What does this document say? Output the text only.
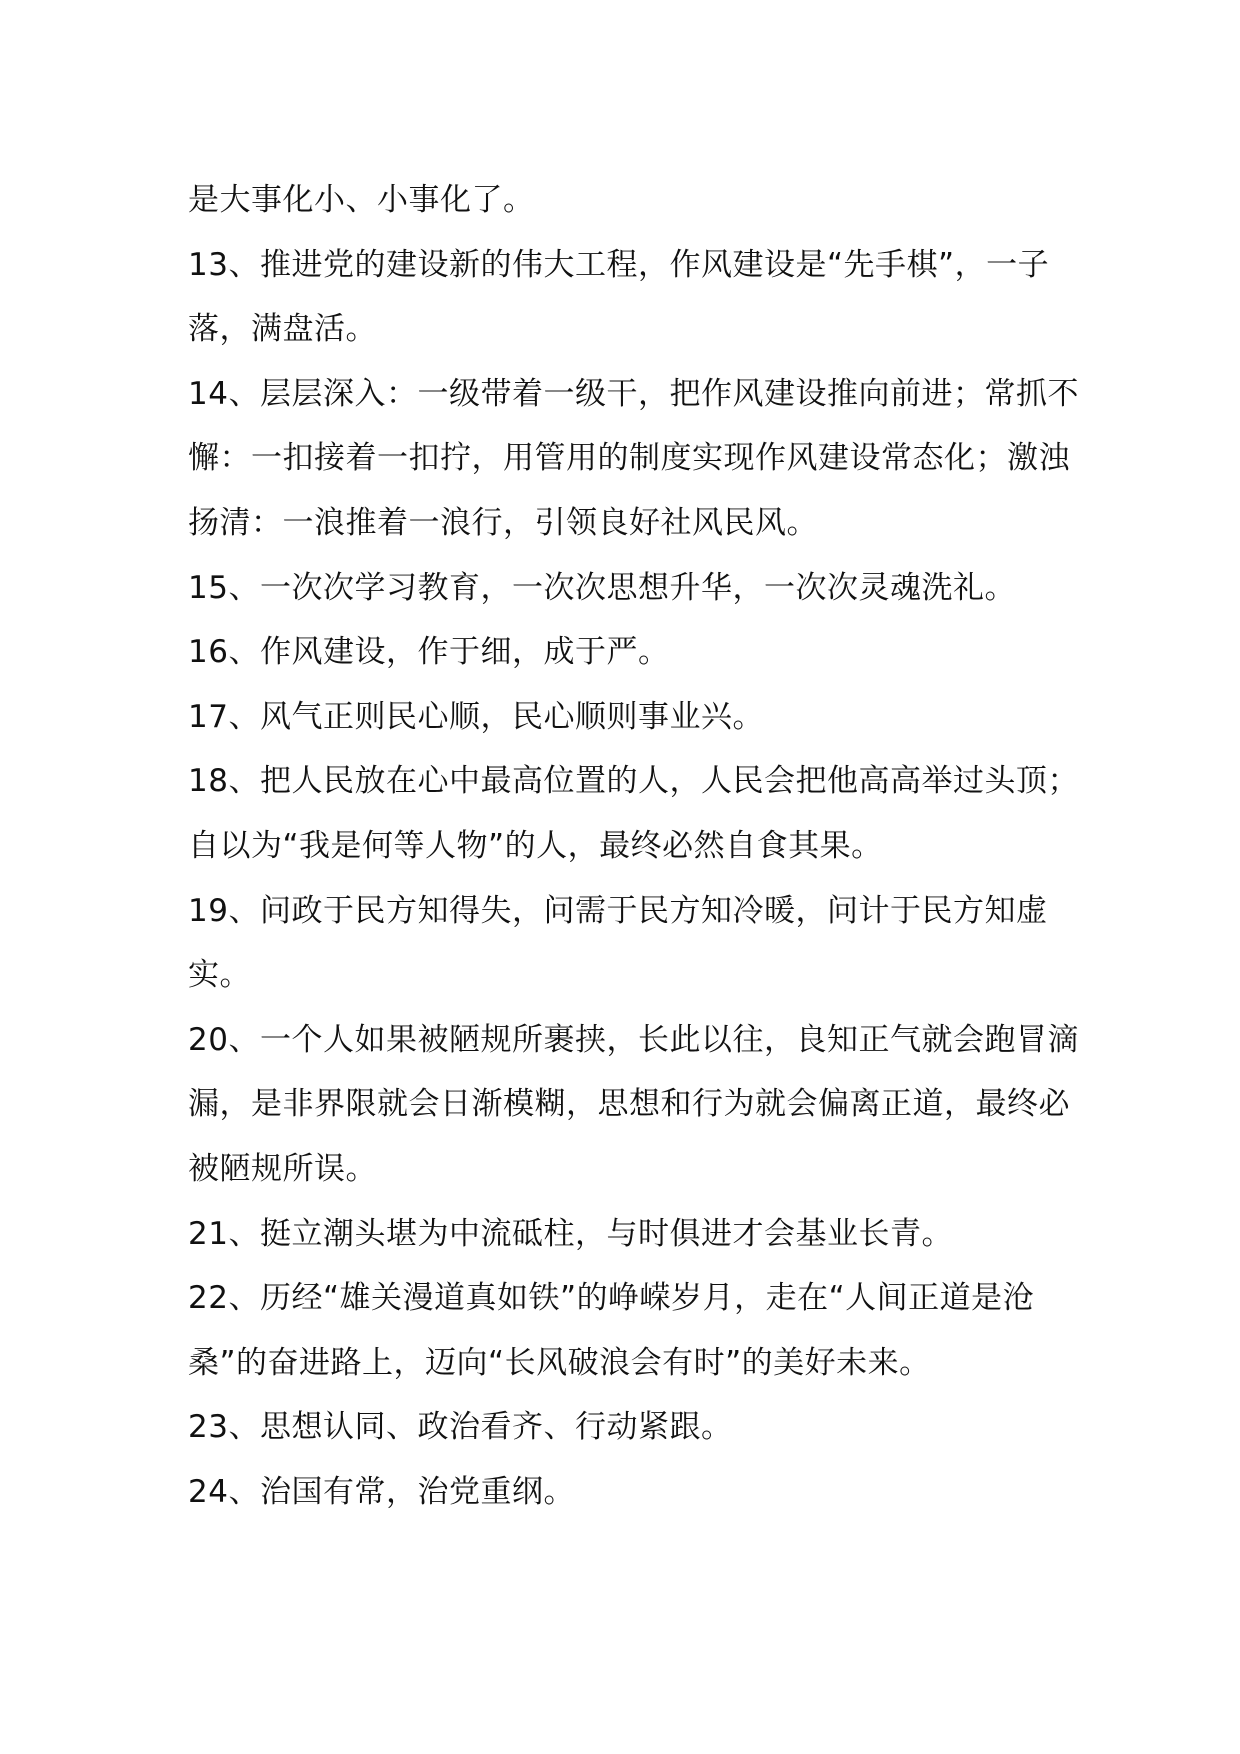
是大事化小、小事化了。

13、推进党的建设新的伟大工程，作风建设是“先手棋”，一子落，满盘活。

14、层层深入：一级带着一级干，把作风建设推向前进；常抓不懈：一扣接着一扣拧，用管用的制度实现作风建设常态化；激浊扬清：一浪推着一浪行，引领良好社风民风。

15、一次次学习教育，一次次思想升华，一次次灵魂洗礼。

16、作风建设，作于细，成于严。

17、风气正则民心顺，民心顺则事业兴。

18、把人民放在心中最高位置的人，人民会把他高高举过头顶；自以为“我是何等人物”的人，最终必然自食其果。

19、问政于民方知得失，问需于民方知冷暖，问计于民方知虚实。

20、一个人如果被陋规所裹挟，长此以往，良知正气就会跑冒滴漏，是非界限就会日渐模糊，思想和行为就会偏离正道，最终必被陋规所误。

21、挺立潮头堪为中流砥柱，与时俱进才会基业长青。

22、历经“雄关漫道真如铁”的峥嵘岁月，走在“人间正道是沧桑”的奋进路上，迈向“长风破浪会有时”的美好未来。

23、思想认同、政治看齐、行动紧跟。

24、治国有常，治党重纲。
